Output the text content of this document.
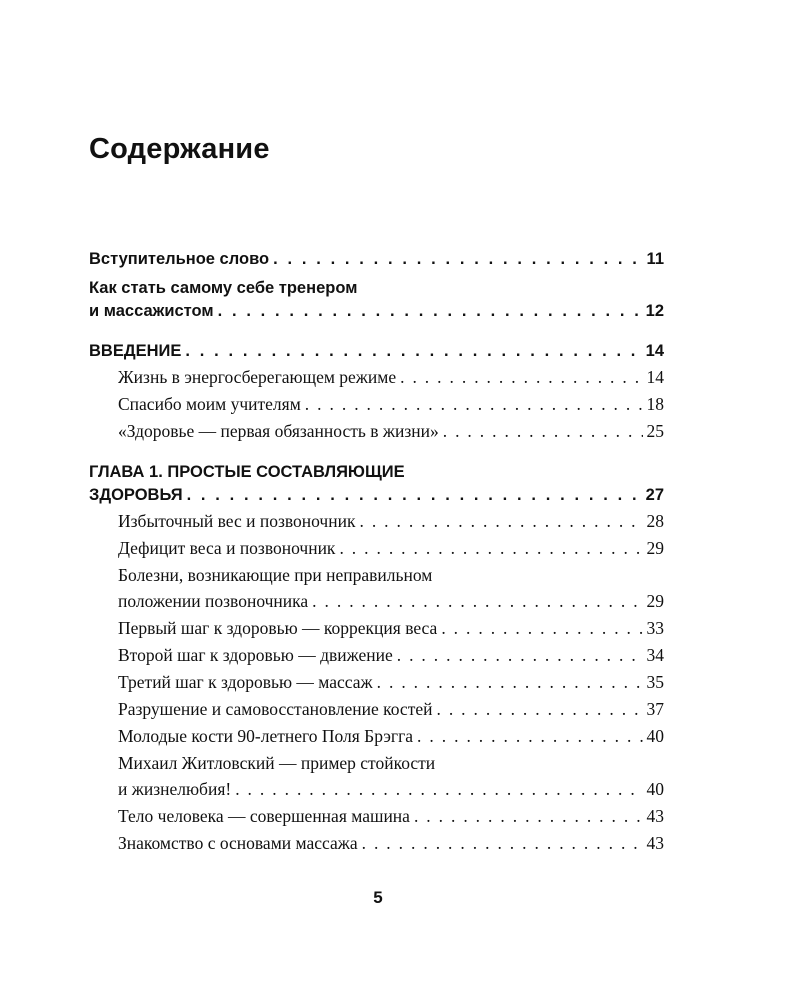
Содержание
Вступительное слово . . .	11
Как стать самому себе тренером
и массажистом . . .	12
ВВЕДЕНИЕ . . .	14
Жизнь в энергосберегающем режиме . . .	14
Спасибо моим учителям . . .	18
«Здоровье — первая обязанность в жизни» . . .	25
ГЛАВА 1. ПРОСТЫЕ СОСТАВЛЯЮЩИЕ
ЗДОРОВЬЯ . . .	27
Избыточный вес и позвоночник . . .	28
Дефицит веса и позвоночник . . .	29
Болезни, возникающие при неправильном
положении позвоночника . . .	29
Первый шаг к здоровью — коррекция веса . . .	33
Второй шаг к здоровью — движение . . .	34
Третий шаг к здоровью — массаж . . .	35
Разрушение и самовосстановление костей . . .	37
Молодые кости 90-летнего Поля Брэгга . . .	40
Михаил Житловский — пример стойкости
и жизнелюбия! . . .	40
Тело человека — совершенная машина . . .	43
Знакомство с основами массажа . . .	43
5
